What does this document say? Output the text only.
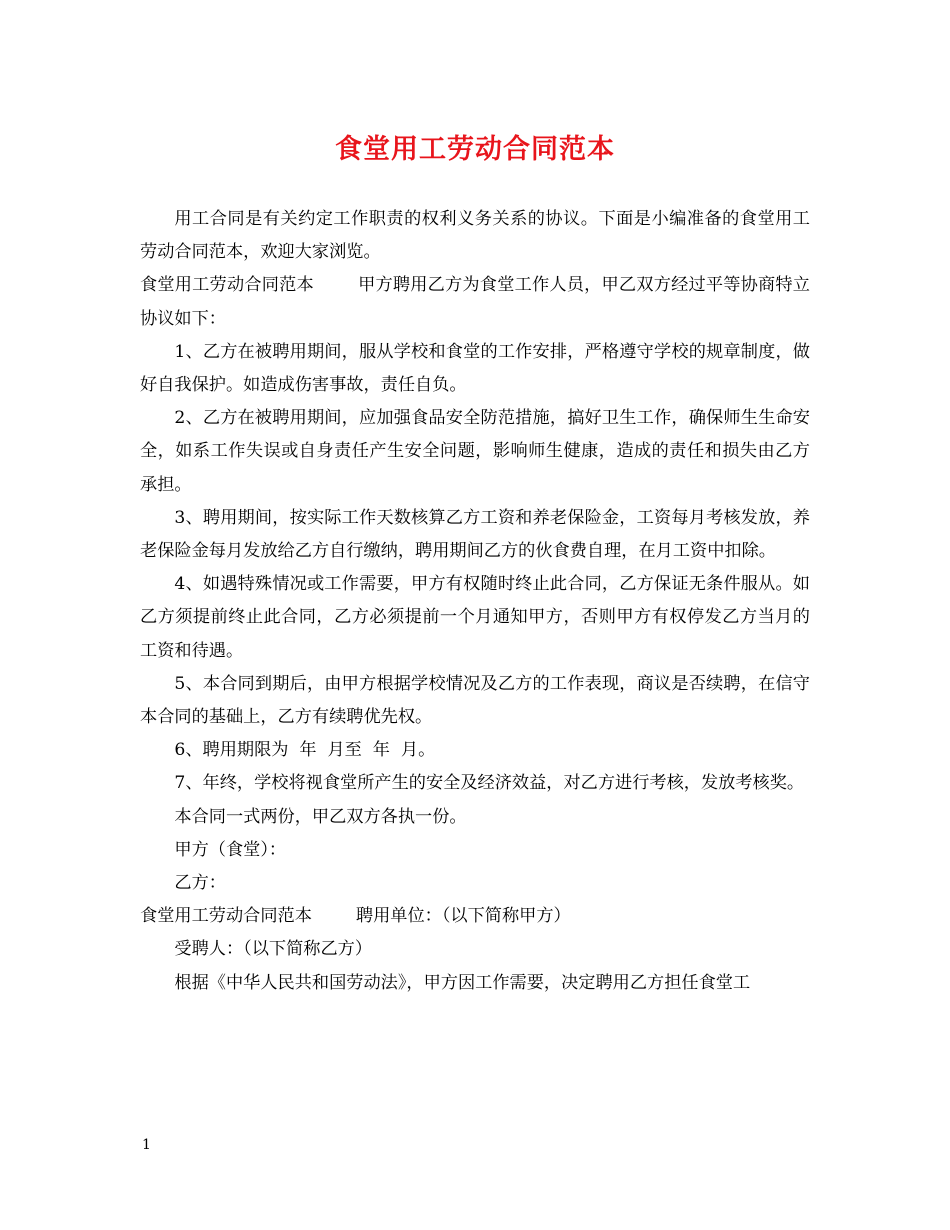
食堂用工劳动合同范本

用工合同是有关约定工作职责的权利义务关系的协议。下面是小编准备的食堂用工劳动合同范本，欢迎大家浏览。

食堂用工劳动合同范本	甲方聘用乙方为食堂工作人员，甲乙双方经过平等协商特立协议如下：

1、乙方在被聘用期间，服从学校和食堂的工作安排，严格遵守学校的规章制度，做好自我保护。如造成伤害事故，责任自负。

2、乙方在被聘用期间，应加强食品安全防范措施，搞好卫生工作，确保师生生命安全，如系工作失误或自身责任产生安全问题，影响师生健康，造成的责任和损失由乙方承担。

3、聘用期间，按实际工作天数核算乙方工资和养老保险金，工资每月考核发放，养老保险金每月发放给乙方自行缴纳，聘用期间乙方的伙食费自理，在月工资中扣除。

4、如遇特殊情况或工作需要，甲方有权随时终止此合同，乙方保证无条件服从。如乙方须提前终止此合同，乙方必须提前一个月通知甲方，否则甲方有权停发乙方当月的工资和待遇。

5、本合同到期后，由甲方根据学校情况及乙方的工作表现，商议是否续聘，在信守本合同的基础上，乙方有续聘优先权。

6、聘用期限为  年  月至  年  月。

7、年终，学校将视食堂所产生的安全及经济效益，对乙方进行考核，发放考核奖。

本合同一式两份，甲乙双方各执一份。

甲方（食堂）：

乙方：

食堂用工劳动合同范本	聘用单位：（以下简称甲方）

受聘人：（以下简称乙方）

根据《中华人民共和国劳动法》，甲方因工作需要，决定聘用乙方担任食堂工

1
